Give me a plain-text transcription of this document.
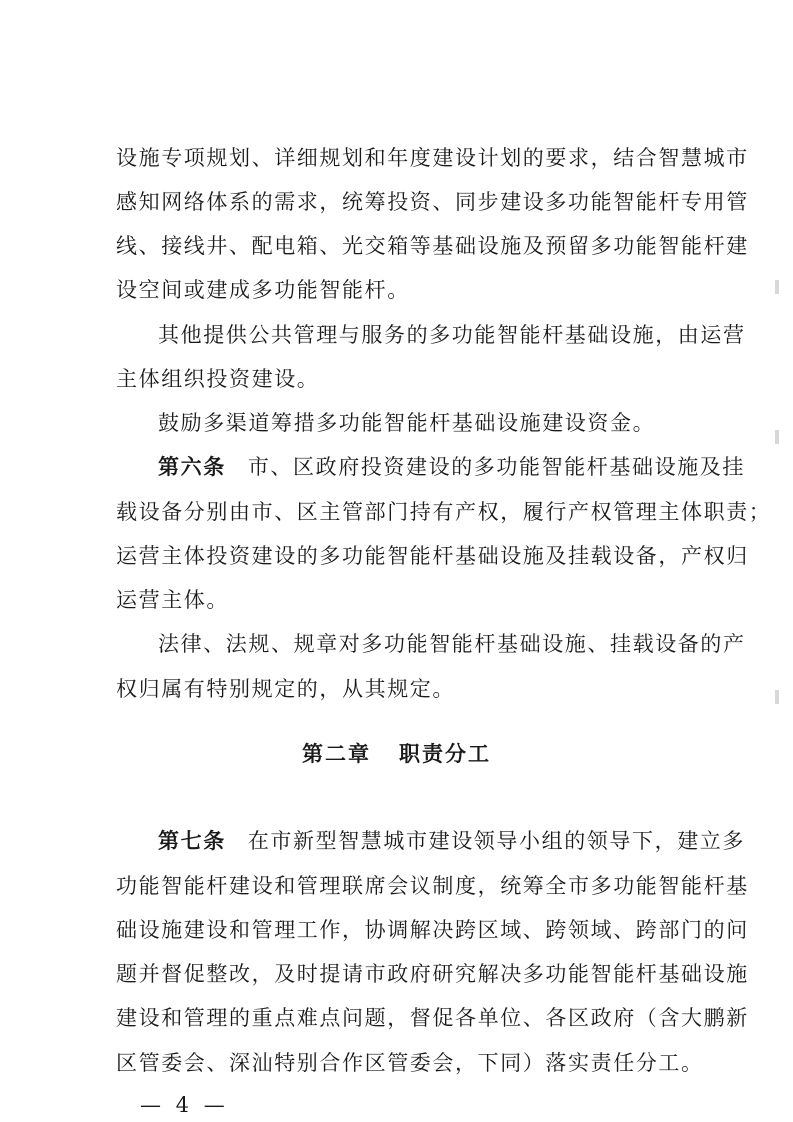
设施专项规划、详细规划和年度建设计划的要求，结合智慧城市
感知网络体系的需求，统筹投资、同步建设多功能智能杆专用管
线、接线井、配电箱、光交箱等基础设施及预留多功能智能杆建
设空间或建成多功能智能杆。
其他提供公共管理与服务的多功能智能杆基础设施，由运营
主体组织投资建设。
鼓励多渠道筹措多功能智能杆基础设施建设资金。
第六条 市、区政府投资建设的多功能智能杆基础设施及挂
载设备分别由市、区主管部门持有产权，履行产权管理主体职责；
运营主体投资建设的多功能智能杆基础设施及挂载设备，产权归
运营主体。
法律、法规、规章对多功能智能杆基础设施、挂载设备的产
权归属有特别规定的，从其规定。
第二章 职责分工
第七条 在市新型智慧城市建设领导小组的领导下，建立多
功能智能杆建设和管理联席会议制度，统筹全市多功能智能杆基
础设施建设和管理工作，协调解决跨区域、跨领域、跨部门的问
题并督促整改，及时提请市政府研究解决多功能智能杆基础设施
建设和管理的重点难点问题，督促各单位、各区政府（含大鹏新
区管委会、深汕特别合作区管委会，下同）落实责任分工。
— 4 —
